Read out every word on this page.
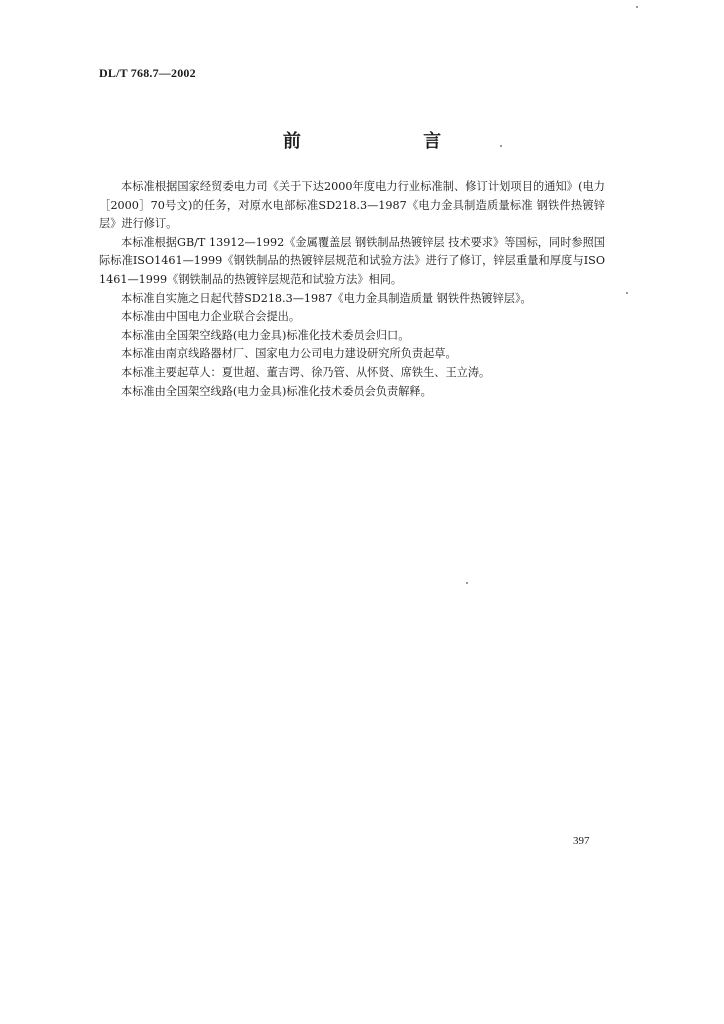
DL/T 768.7—2002
前 言

本标准根据国家经贸委电力司《关于下达2000年度电力行业标准制、修订计划项目的通知》(电力［2000］70号文)的任务，对原水电部标准SD218.3—1987《电力金具制造质量标准 钢铁件热镀锌层》进行修订。

本标准根据GB/T 13912—1992《金属覆盖层 钢铁制品热镀锌层 技术要求》等国标，同时参照国际标准ISO1461—1999《钢铁制品的热镀锌层规范和试验方法》进行了修订，锌层重量和厚度与ISO1461—1999《钢铁制品的热镀锌层规范和试验方法》相同。

本标准自实施之日起代替SD218.3—1987《电力金具制造质量 钢铁件热镀锌层》。

本标准由中国电力企业联合会提出。

本标准由全国架空线路(电力金具)标准化技术委员会归口。

本标准由南京线路器材厂、国家电力公司电力建设研究所负责起草。

本标准主要起草人：夏世超、董吉谔、徐乃管、从怀贤、席铁生、王立涛。

本标准由全国架空线路(电力金具)标准化技术委员会负责解释。

397
